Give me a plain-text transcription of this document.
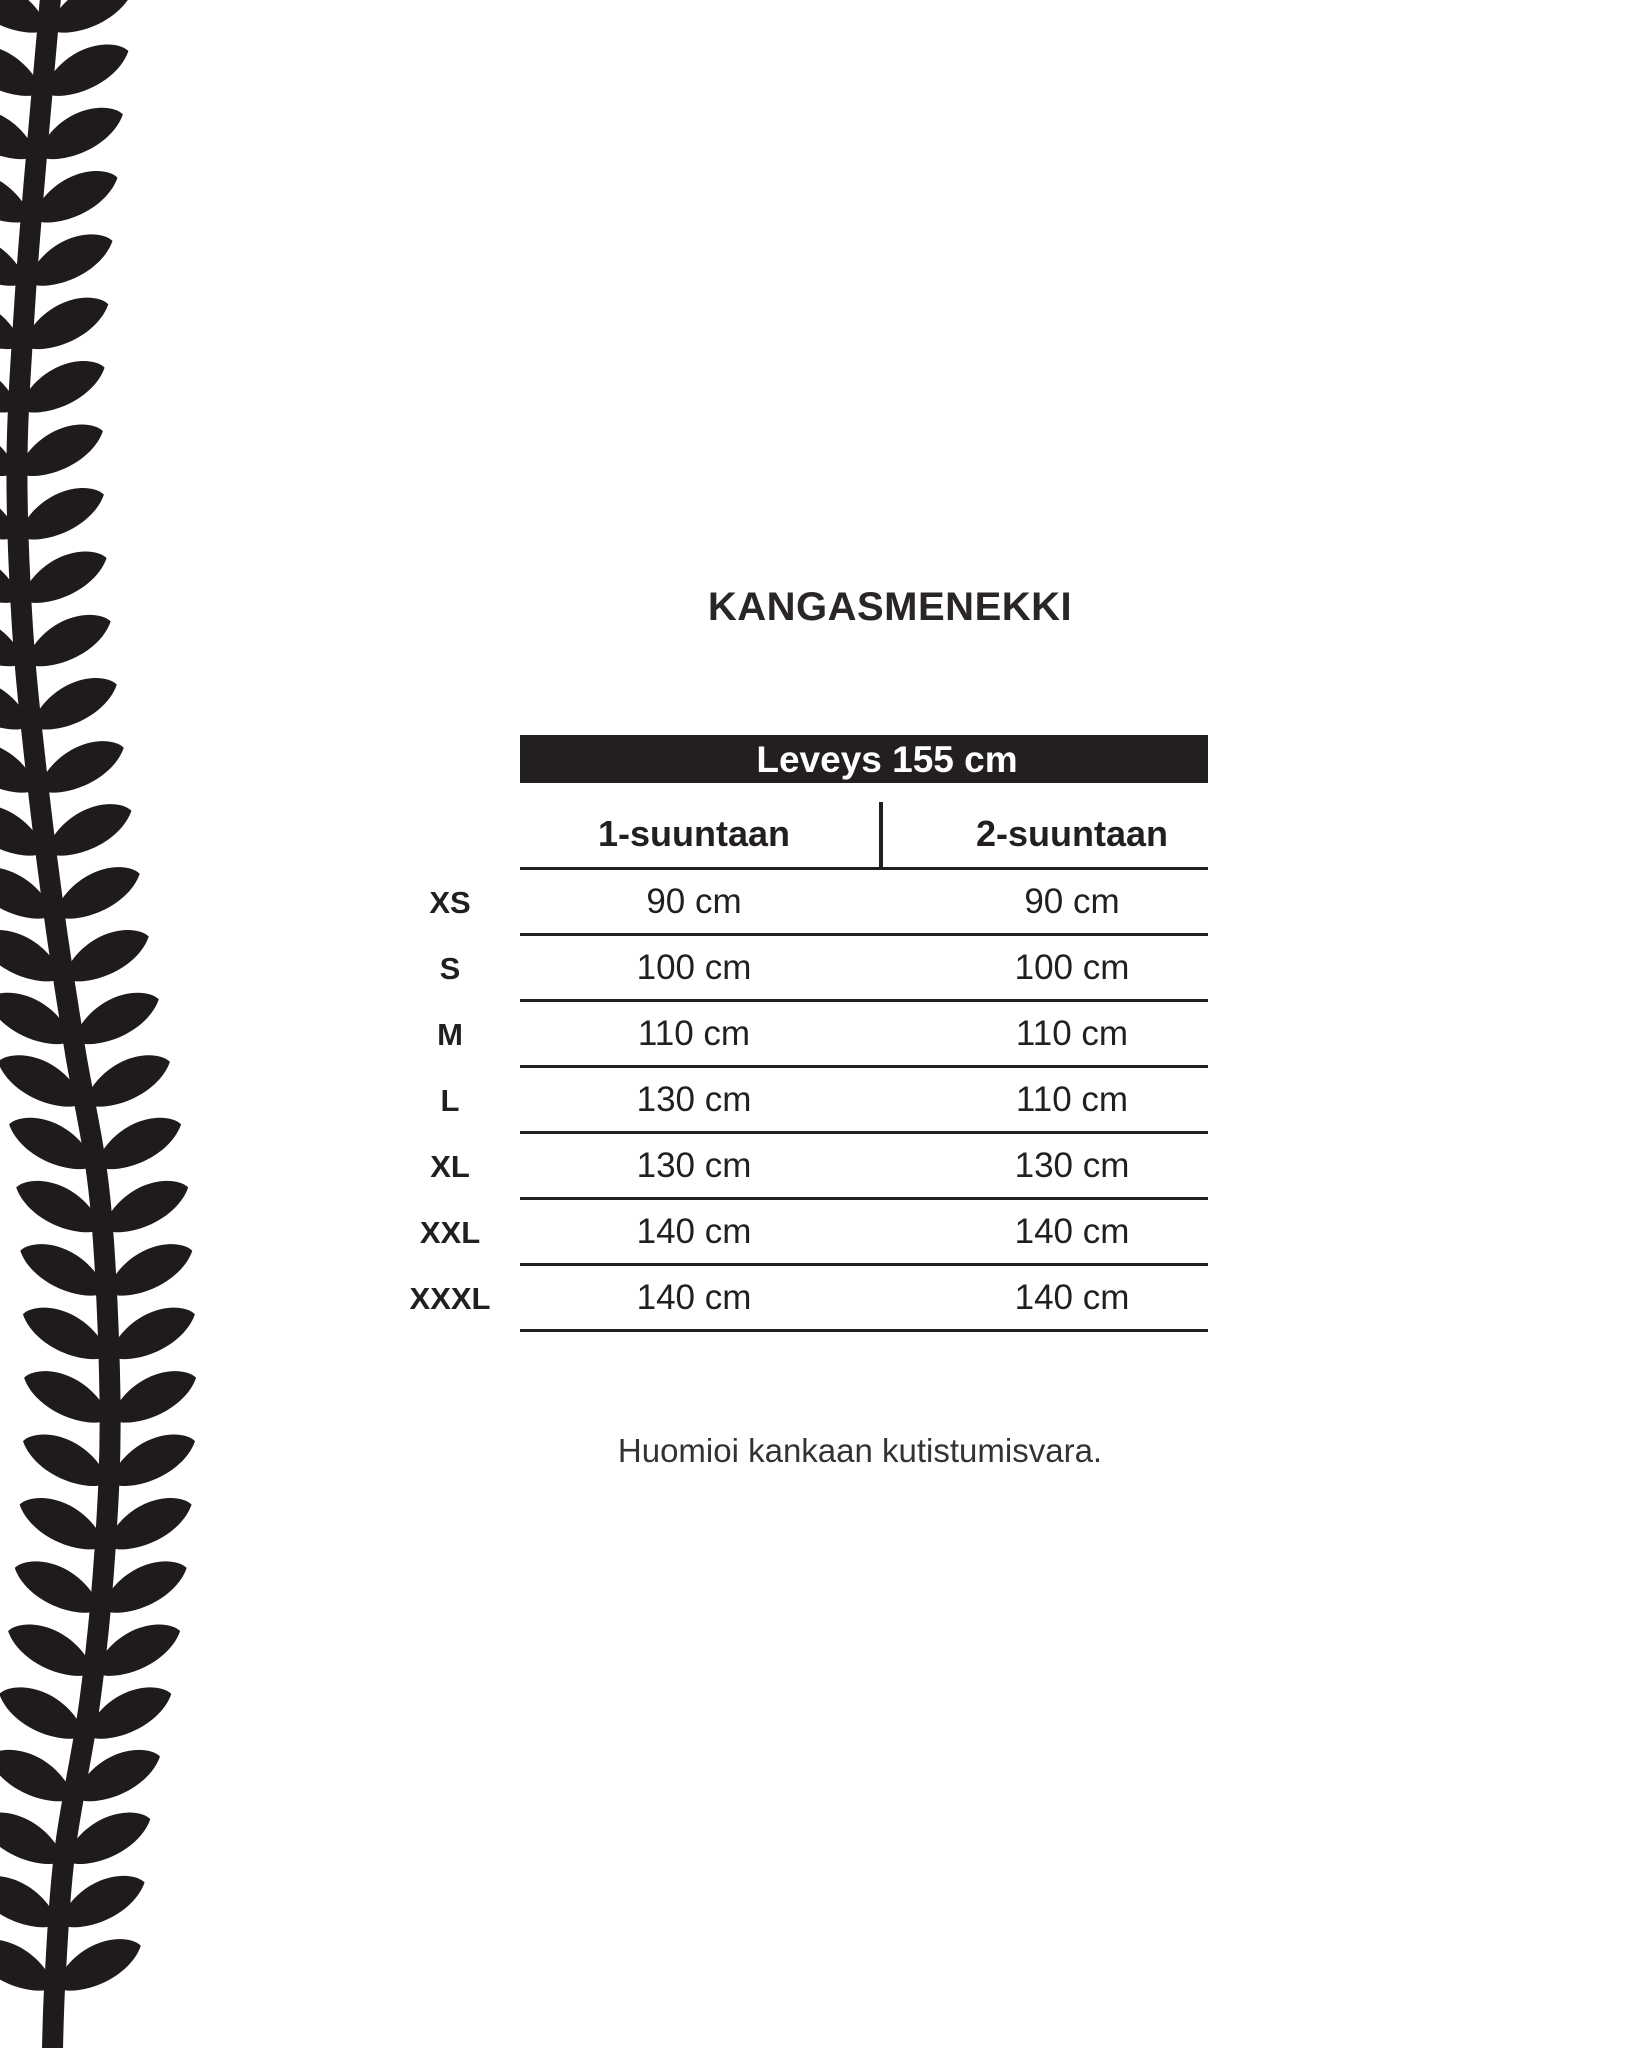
KANGASMENEKKI
Leveys 155 cm
1-suuntaan	2-suuntaan
XS	90 cm	90 cm
S	100 cm	100 cm
M	110 cm	110 cm
L	130 cm	110 cm
XL	130 cm	130 cm
XXL	140 cm	140 cm
XXXL	140 cm	140 cm

Huomioi kankaan kutistumisvara.
